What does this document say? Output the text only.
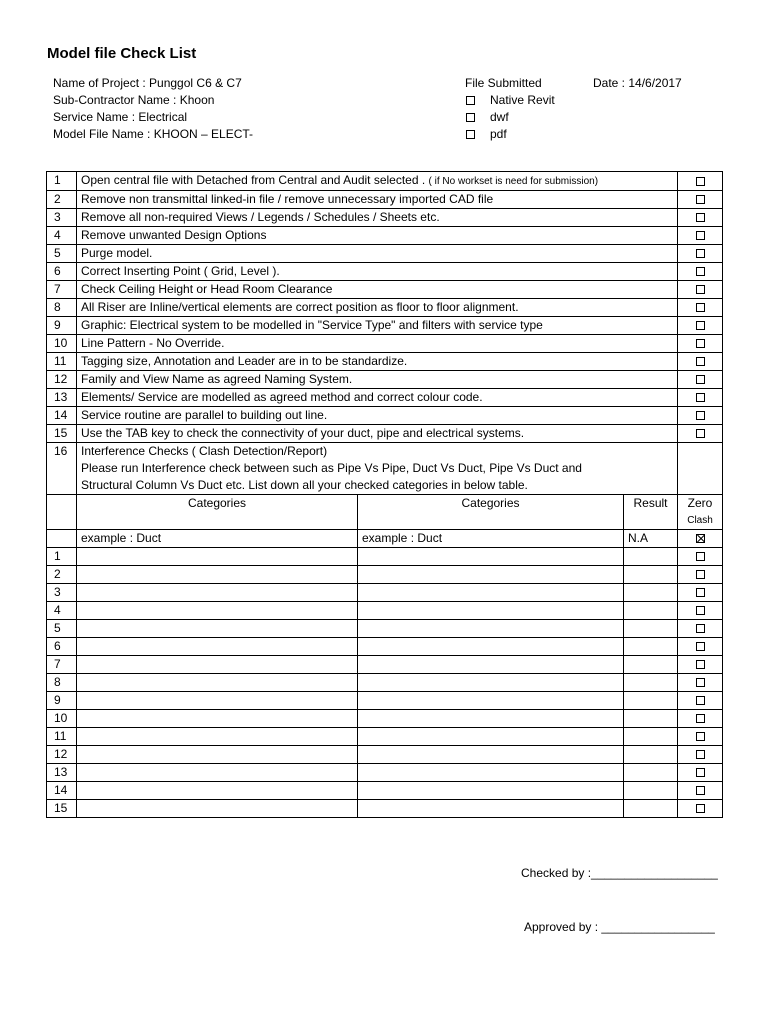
Model file Check List
Name of Project : Punggol C6 & C7
Sub-Contractor Name : Khoon
Service Name : Electrical
Model File Name : KHOON – ELECT-
File Submitted
Native Revit
dwf
pdf
Date : 14/6/2017
1	Open central file with Detached from Central and Audit selected . ( if No workset is need for submission)			
2	Remove non transmittal linked-in file / remove unnecessary imported CAD file			
3	Remove all non-required Views / Legends / Schedules / Sheets etc.			
4	Remove unwanted Design Options			
5	Purge model.			
6	Correct Inserting Point ( Grid, Level ).			
7	Check Ceiling Height or Head Room Clearance			
8	All Riser are Inline/vertical elements are correct position as floor to floor alignment.			
9	Graphic: Electrical system to be modelled in "Service Type" and filters with service type			
10	Line Pattern - No Override.			
11	Tagging size, Annotation and Leader are in to be standardize.			
12	Family and View Name as agreed Naming System.			
13	Elements/ Service are modelled as agreed method and correct colour code.			
14	Service routine are parallel to building out line.			
15	Use the TAB key to check the connectivity of your duct, pipe and electrical systems.			
16	Interference Checks ( Clash Detection/Report)
Please run Interference check between such as Pipe Vs Pipe, Duct Vs Duct, Pipe Vs Duct and
Structural Column Vs Duct etc. List down all your checked categories in below table.			

	Categories	Categories	Result	Zero
Clash

	example : Duct	example : Duct	N.A	
1				
2				
3				
4				
5				
6				
7				
8				
9				
10				
11				
12				
13				
14				
15				
Checked by :___________________
Approved by : _________________
